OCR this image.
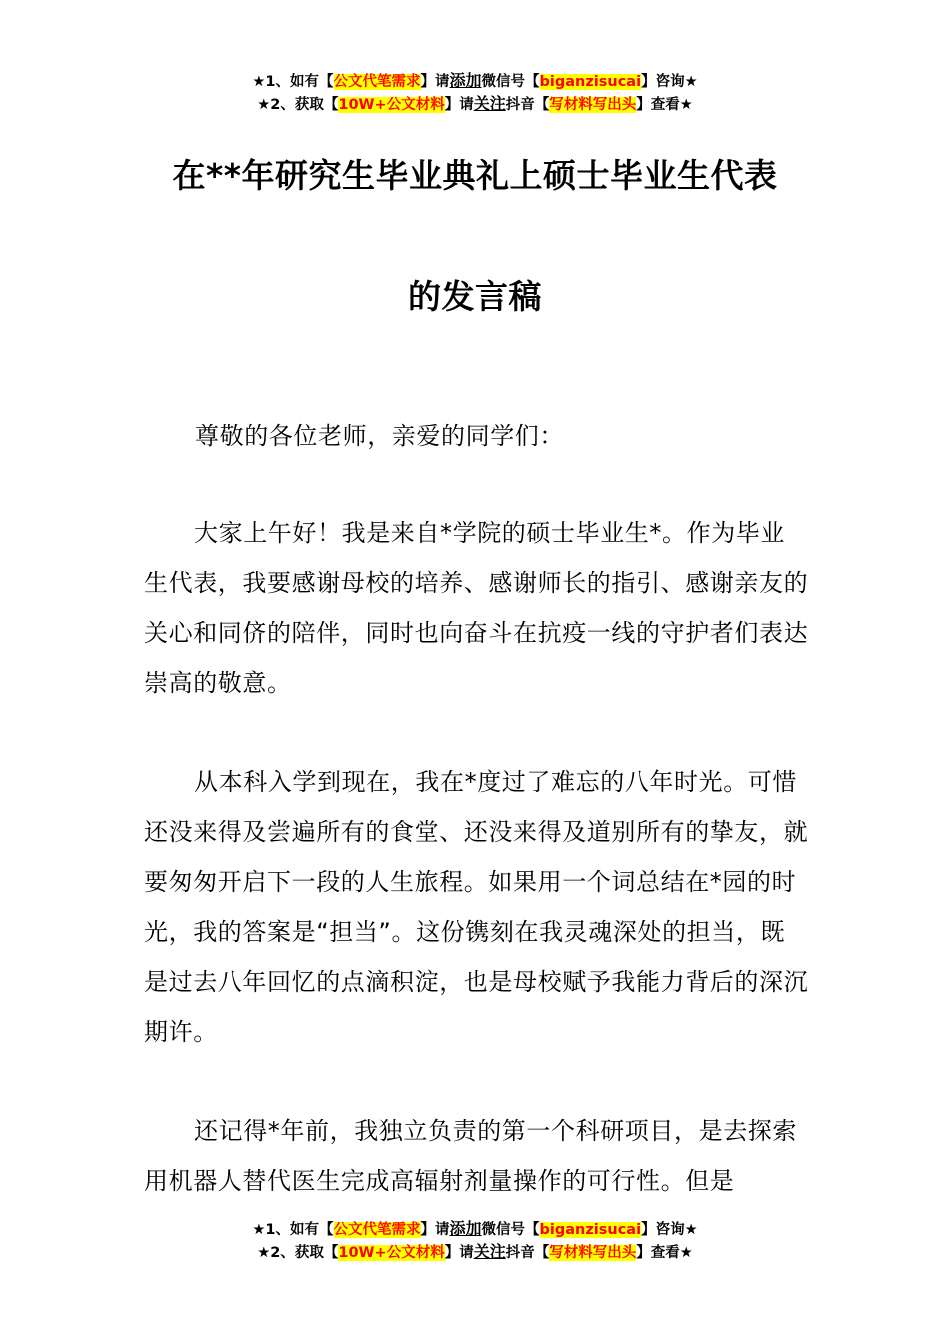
★1、如有【公文代笔需求】请添加微信号【biganzisucai】咨询★
★2、获取【10W+公文材料】请关注抖音【写材料写出头】查看★
在**年研究生毕业典礼上硕士毕业生代表
的发言稿
尊敬的各位老师，亲爱的同学们：
大家上午好！我是来自*学院的硕士毕业生*。作为毕业生代表，我要感谢母校的培养、感谢师长的指引、感谢亲友的关心和同侪的陪伴，同时也向奋斗在抗疫一线的守护者们表达崇高的敬意。
从本科入学到现在，我在*度过了难忘的八年时光。可惜还没来得及尝遍所有的食堂、还没来得及道别所有的挚友，就要匆匆开启下一段的人生旅程。如果用一个词总结在*园的时光，我的答案是“担当”。这份镌刻在我灵魂深处的担当，既是过去八年回忆的点滴积淀，也是母校赋予我能力背后的深沉期许。
还记得*年前，我独立负责的第一个科研项目，是去探索用机器人替代医生完成高辐射剂量操作的可行性。但是
★1、如有【公文代笔需求】请添加微信号【biganzisucai】咨询★
★2、获取【10W+公文材料】请关注抖音【写材料写出头】查看★
